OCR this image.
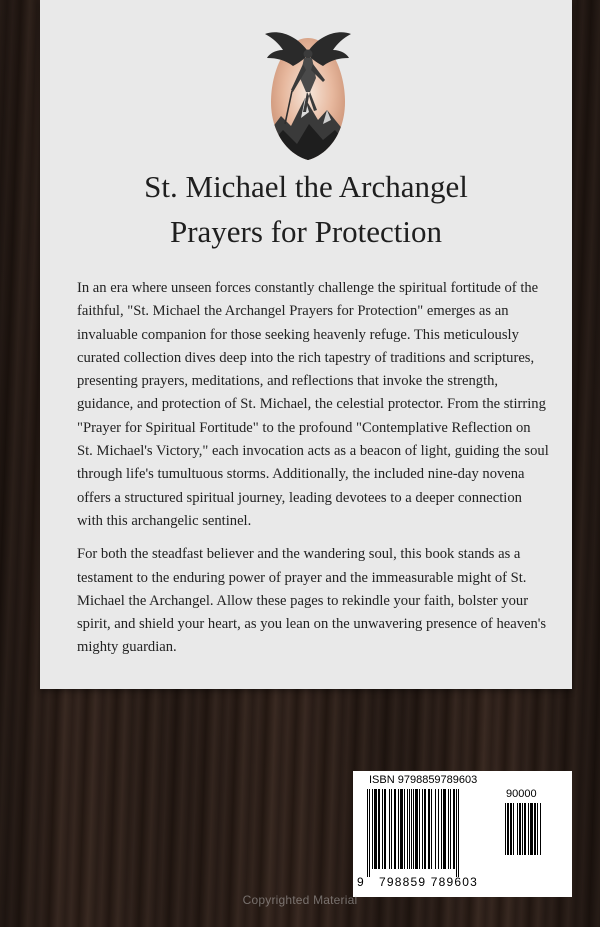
St. Michael the Archangel
Prayers for Protection

In an era where unseen forces constantly challenge the spiritual fortitude of the faithful, "St. Michael the Archangel Prayers for Protection" emerges as an invaluable companion for those seeking heavenly refuge. This meticulously curated collection dives deep into the rich tapestry of traditions and scriptures, presenting prayers, meditations, and reflections that invoke the strength, guidance, and protection of St. Michael, the celestial protector. From the stirring "Prayer for Spiritual Fortitude" to the profound "Contemplative Reflection on St. Michael's Victory," each invocation acts as a beacon of light, guiding the soul through life's tumultuous storms. Additionally, the included nine-day novena offers a structured spiritual journey, leading devotees to a deeper connection with this archangelic sentinel.

For both the steadfast believer and the wandering soul, this book stands as a testament to the enduring power of prayer and the immeasurable might of St. Michael the Archangel. Allow these pages to rekindle your faith, bolster your spirit, and shield your heart, as you lean on the unwavering presence of heaven's mighty guardian.

ISBN 9798859789603
90000
9 798859 789603
Copyrighted Material
